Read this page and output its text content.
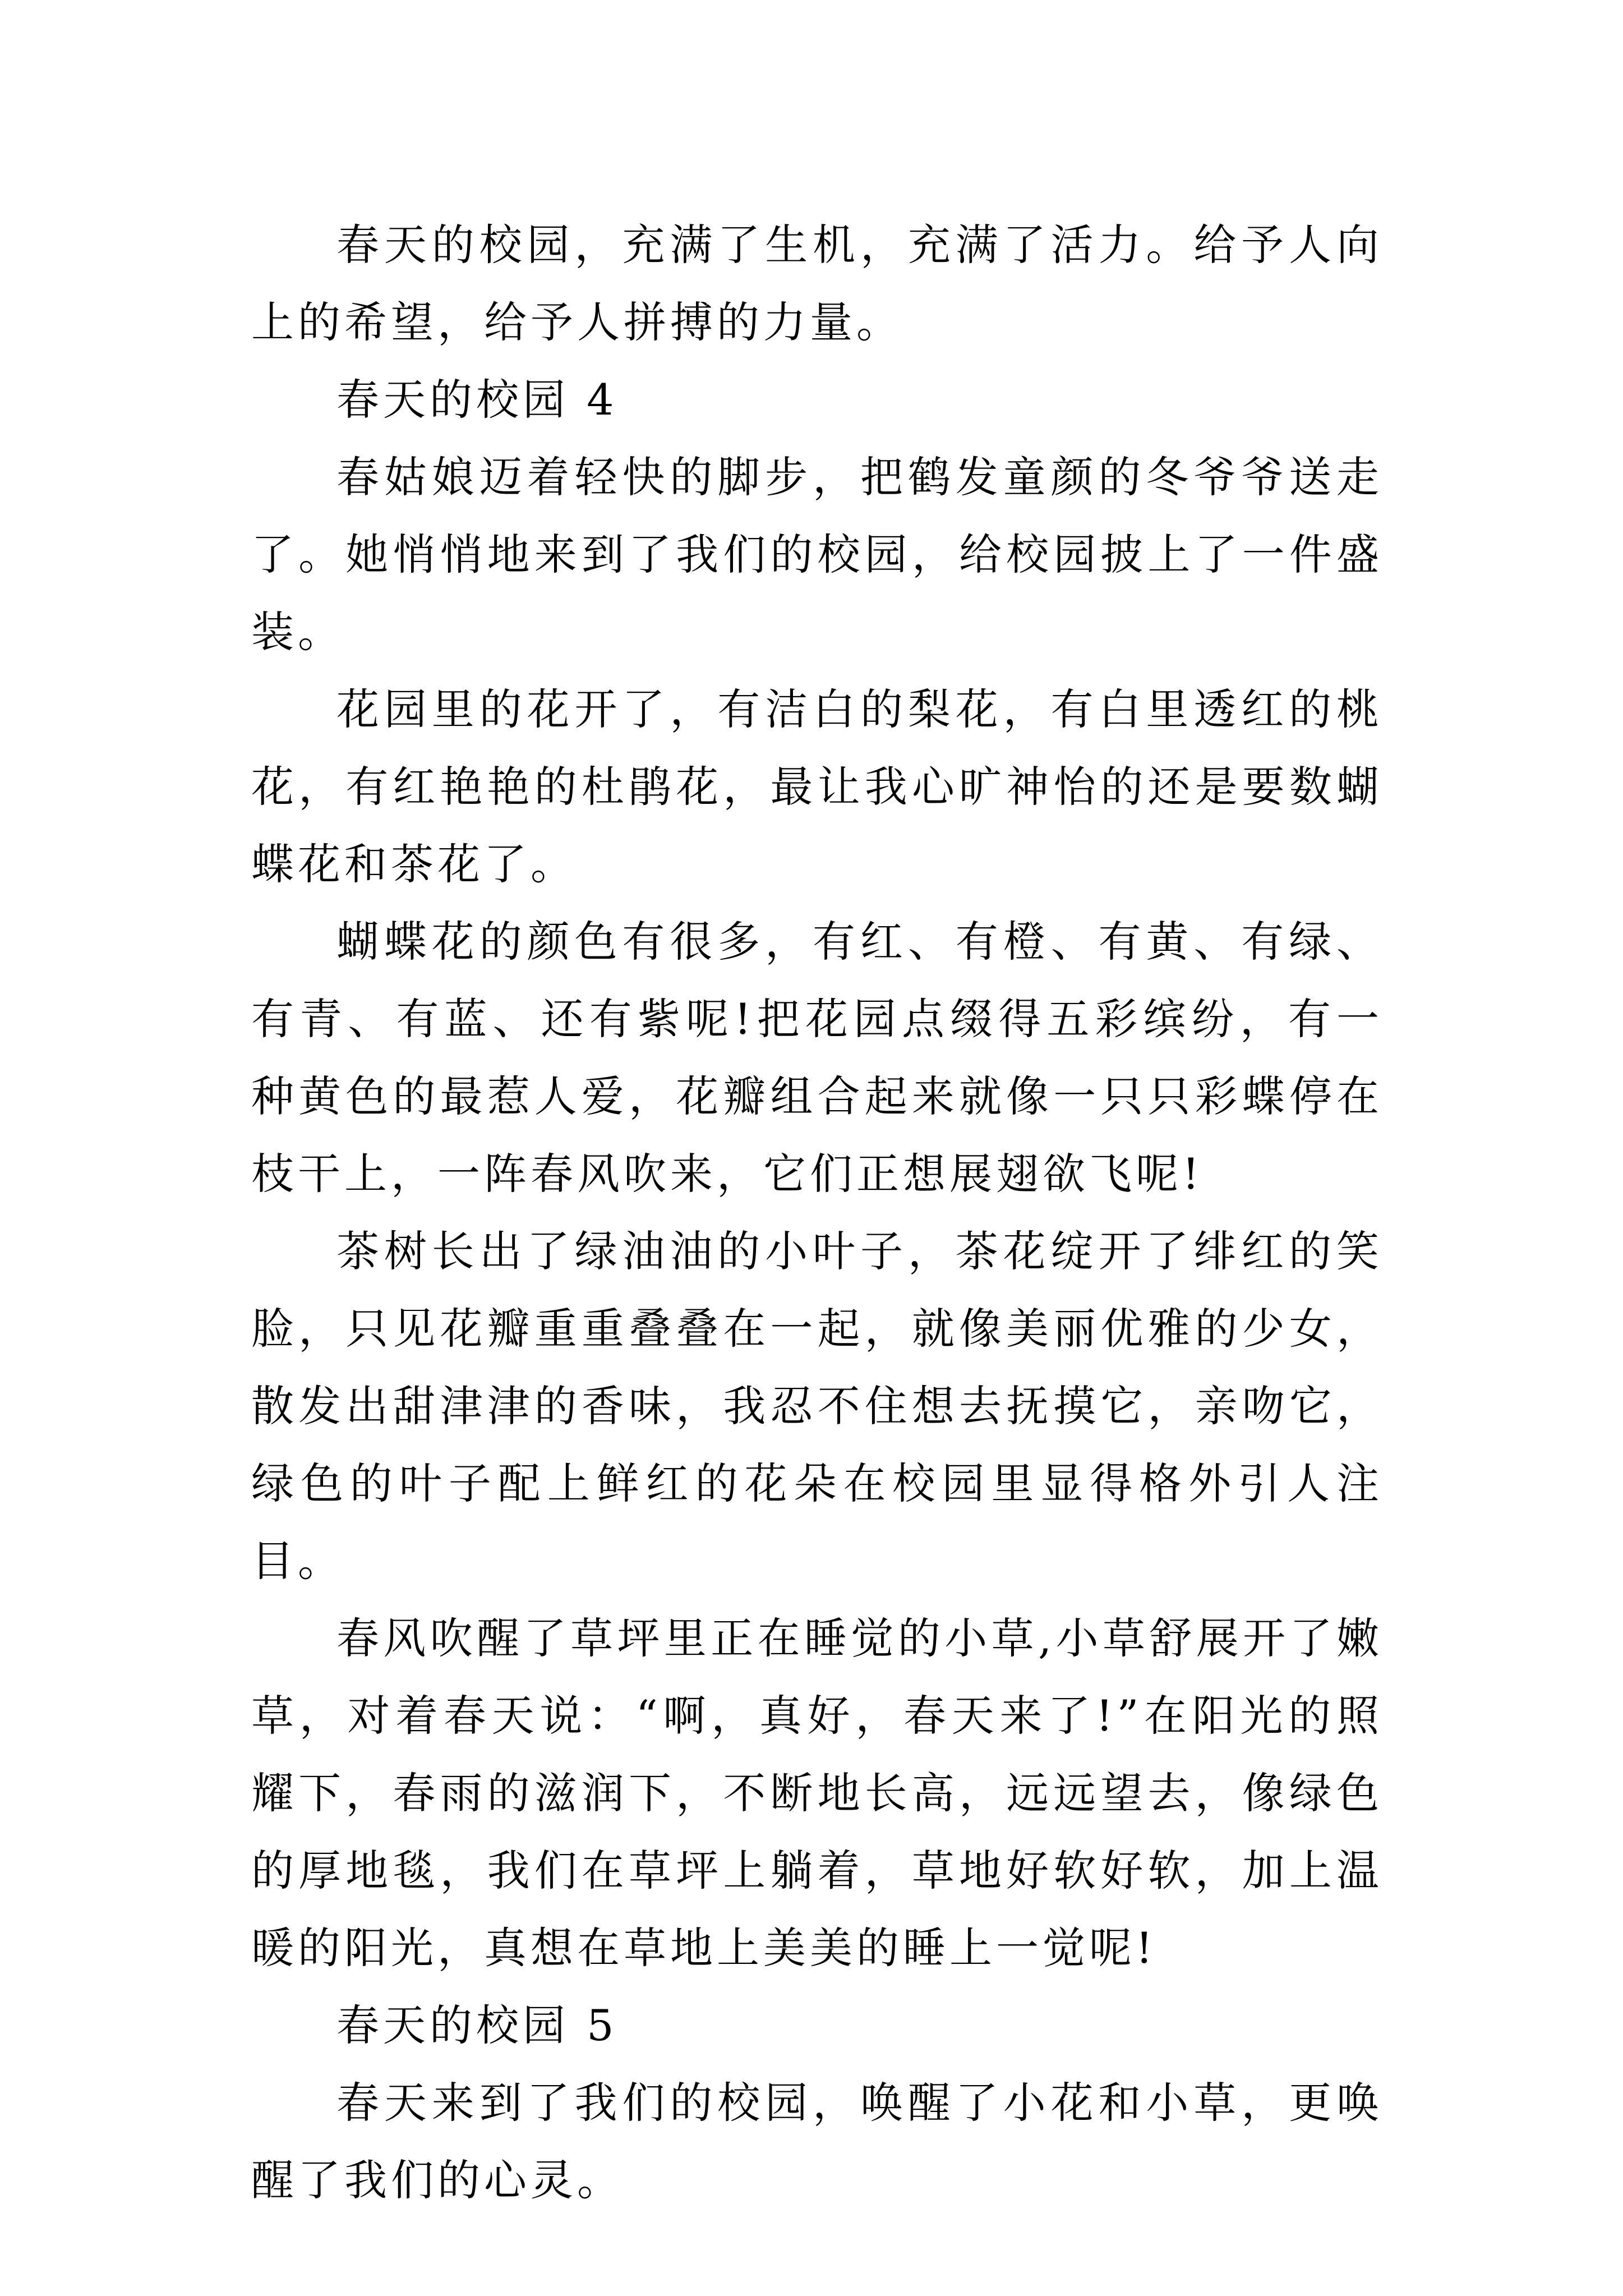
春天的校园，充满了生机，充满了活力。给予人向上的希望，给予人拼搏的力量。

春天的校园 4

春姑娘迈着轻快的脚步，把鹤发童颜的冬爷爷送走了。她悄悄地来到了我们的校园，给校园披上了一件盛装。

花园里的花开了，有洁白的梨花，有白里透红的桃花，有红艳艳的杜鹃花，最让我心旷神怡的还是要数蝴蝶花和茶花了。

蝴蝶花的颜色有很多，有红、有橙、有黄、有绿、有青、有蓝、还有紫呢!把花园点缀得五彩缤纷，有一种黄色的最惹人爱，花瓣组合起来就像一只只彩蝶停在枝干上，一阵春风吹来，它们正想展翅欲飞呢!

茶树长出了绿油油的小叶子，茶花绽开了绯红的笑脸，只见花瓣重重叠叠在一起，就像美丽优雅的少女，散发出甜津津的香味，我忍不住想去抚摸它，亲吻它，绿色的叶子配上鲜红的花朵在校园里显得格外引人注目。

春风吹醒了草坪里正在睡觉的小草,小草舒展开了嫩草，对着春天说：“啊，真好，春天来了!”在阳光的照耀下，春雨的滋润下，不断地长高，远远望去，像绿色的厚地毯，我们在草坪上躺着，草地好软好软，加上温暖的阳光，真想在草地上美美的睡上一觉呢!

春天的校园 5

春天来到了我们的校园，唤醒了小花和小草，更唤醒了我们的心灵。
